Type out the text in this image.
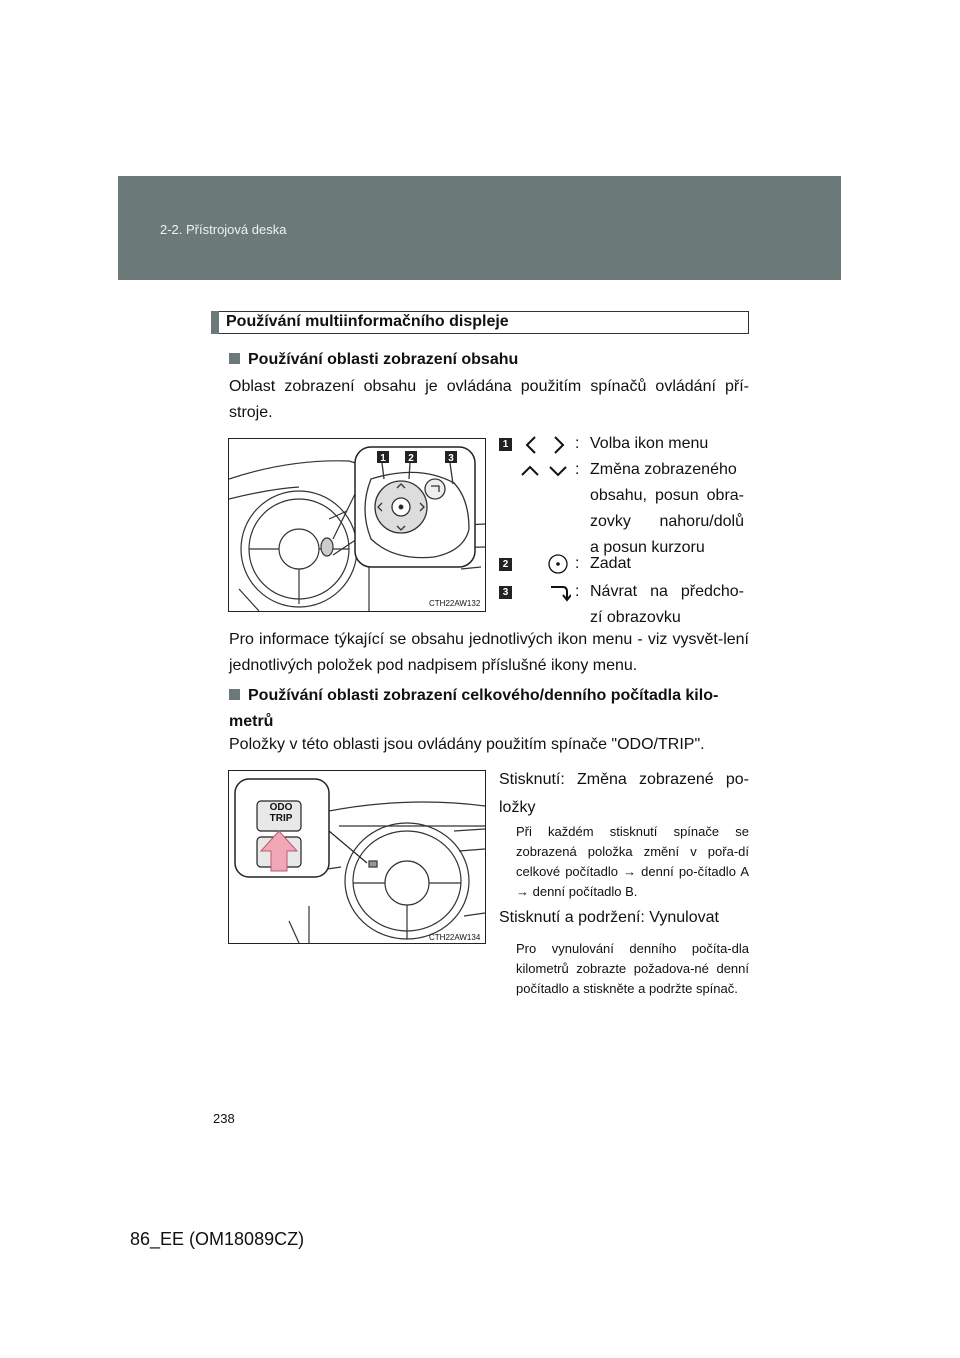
2-2. Přístrojová deska
Používání multiinformačního displeje
Používání oblasti zobrazení obsahu
Oblast zobrazení obsahu je ovládána použitím spínačů ovládání pří-stroje.
1 2	3
CTH22AW132
1	: Volba ikon menu
: Změna zobrazeného
obsahu, posun obra-
zovky nahoru/dolů
a posun kurzoru
2	: Zadat
3	: Návrat na předcho-
zí obrazovku
Pro informace týkající se obsahu jednotlivých ikon menu - viz vysvět-lení jednotlivých položek pod nadpisem příslušné ikony menu.
Používání oblasti zobrazení celkového/denního počítadla kilo-metrů
Položky v této oblasti jsou ovládány použitím spínače "ODO/TRIP".
ODO
TRIP
CTH22AW134
Stisknutí: Změna zobrazené po-ložky
Při každém stisknutí spínače se zobrazená položka změní v pořa-dí celkové počítadlo → denní po-čítadlo A → denní počítadlo B.
Stisknutí a podržení: Vynulovat
Pro vynulování denního počíta-dla kilometrů zobrazte požadova-né denní počítadlo a stiskněte a podržte spínač.
238
86_EE (OM18089CZ)
